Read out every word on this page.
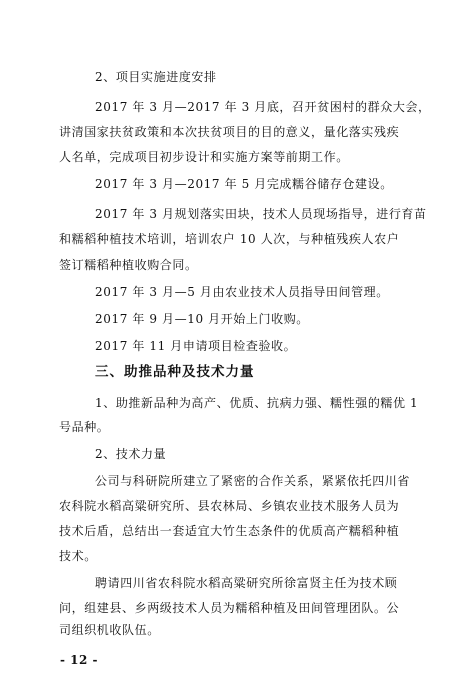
2、项目实施进度安排
2017 年 3 月—2017 年 3 月底，召开贫困村的群众大会，
讲清国家扶贫政策和本次扶贫项目的目的意义，量化落实残疾
人名单，完成项目初步设计和实施方案等前期工作。
2017 年 3 月—2017 年 5 月完成糯谷储存仓建设。
2017 年 3 月规划落实田块，技术人员现场指导，进行育苗
和糯稻种植技术培训，培训农户 10 人次，与种植残疾人农户
签订糯稻种植收购合同。
2017 年 3 月—5 月由农业技术人员指导田间管理。
2017 年 9 月—10 月开始上门收购。
2017 年 11 月申请项目检查验收。
三、助推品种及技术力量
1、助推新品种为高产、优质、抗病力强、糯性强的糯优 1
号品种。
2、技术力量
公司与科研院所建立了紧密的合作关系，紧紧依托四川省
农科院水稻高粱研究所、县农林局、乡镇农业技术服务人员为
技术后盾，总结出一套适宜大竹生态条件的优质高产糯稻种植
技术。
聘请四川省农科院水稻高粱研究所徐富贤主任为技术顾
问，组建县、乡两级技术人员为糯稻种植及田间管理团队。公
司组织机收队伍。
- 12 -
